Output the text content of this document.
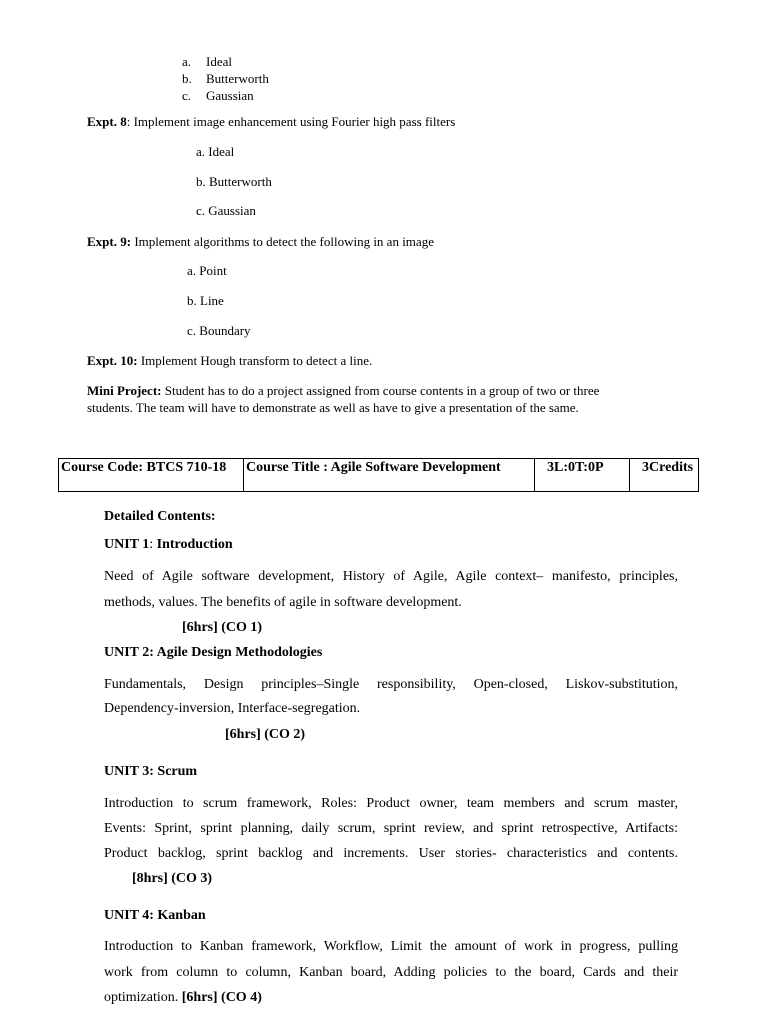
a. Ideal
b. Butterworth
c. Gaussian
Expt. 8: Implement image enhancement using Fourier high pass filters
a. Ideal
b. Butterworth
c. Gaussian
Expt. 9: Implement algorithms to detect the following in an image
a. Point
b. Line
c. Boundary
Expt. 10: Implement Hough transform to detect a line.
Mini Project: Student has to do a project assigned from course contents in a group of two or three
students. The team will have to demonstrate as well as have to give a presentation of the same.
Course Code: BTCS 710-18	Course Title : Agile Software Development	3L:0T:0P	3Credits
Detailed Contents:
UNIT 1: Introduction
Need of Agile software development, History of Agile, Agile context– manifesto, principles,
methods, values. The benefits of agile in software development.
[6hrs] (CO 1)
UNIT 2: Agile Design Methodologies
Fundamentals, Design principles–Single responsibility, Open-closed, Liskov-substitution,
Dependency-inversion, Interface-segregation.
[6hrs] (CO 2)
UNIT 3: Scrum
Introduction to scrum framework, Roles: Product owner, team members and scrum master,
Events: Sprint, sprint planning, daily scrum, sprint review, and sprint retrospective, Artifacts:
Product backlog, sprint backlog and increments. User stories- characteristics and contents.
[8hrs] (CO 3)
UNIT 4: Kanban
Introduction to Kanban framework, Workflow, Limit the amount of work in progress, pulling
work from column to column, Kanban board, Adding policies to the board, Cards and their
optimization. [6hrs] (CO 4)
